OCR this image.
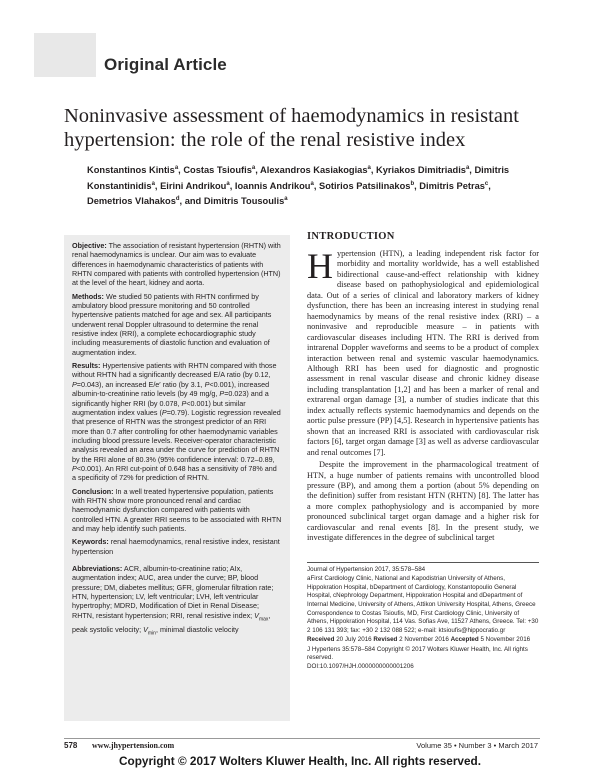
Original Article
Noninvasive assessment of haemodynamics in resistant hypertension: the role of the renal resistive index
Konstantinos Kintis$^a$, Costas Tsioufis$^a$, Alexandros Kasiakogias$^a$, Kyriakos Dimitriadis$^a$, Dimitris Konstantinidis$^a$, Eirini Andrikou$^a$, Ioannis Andrikou$^a$, Sotirios Patsilinakos$^b$, Dimitris Petras$^c$, Demetrios Vlahakos$^d$, and Dimitris Tousoulis$^a$

Objective: The association of resistant hypertension (RHTN) with renal haemodynamics is unclear. Our aim was to evaluate differences in haemodynamic characteristics of patients with RHTN compared with patients with controlled hypertension (HTN) at the level of the heart, kidney and aorta.

Methods: We studied 50 patients with RHTN confirmed by ambulatory blood pressure monitoring and 50 controlled hypertensive patients matched for age and sex. All participants underwent renal Doppler ultrasound to determine the renal resistive index (RRI), a complete echocardiographic study including measurements of diastolic function and evaluation of augmentation index.

Results: Hypertensive patients with RHTN compared with those without RHTN had a significantly decreased E/A ratio (by 0.12, P=0.043), an increased E/e′ ratio (by 3.1, P<0.001), increased albumin-to-creatinine ratio levels (by 49 mg/g, P=0.023) and a significantly higher RRI (by 0.078, P<0.001) but similar augmentation index values (P=0.79). Logistic regression revealed that presence of RHTN was the strongest predictor of an RRI more than 0.7 after controlling for other haemodynamic variables including blood pressure levels. Receiver-operator characteristic analysis revealed an area under the curve for prediction of RHTN by the RRI alone of 80.3% (95% confidence interval: 0.72–0.89, P<0.001). An RRI cut-point of 0.648 has a sensitivity of 78% and a specificity of 72% for prediction of RHTN.

Conclusion: In a well treated hypertensive population, patients with RHTN show more pronounced renal and cardiac haemodynamic dysfunction compared with patients with controlled HTN. A greater RRI seems to be associated with RHTN and may help identify such patients.

Keywords: renal haemodynamics, renal resistive index, resistant hypertension

Abbreviations: ACR, albumin-to-creatinine ratio; AIx, augmentation index; AUC, area under the curve; BP, blood pressure; DM, diabetes mellitus; GFR, glomerular filtration rate; HTN, hypertension; LV, left ventricular; LVH, left ventricular hypertrophy; MDRD, Modification of Diet in Renal Disease; RHTN, resistant hypertension; RRI, renal resistive index; $V_{max}$, peak systolic velocity; $V_{min}$, minimal diastolic velocity

INTRODUCTION

Hypertension (HTN), a leading independent risk factor for morbidity and mortality worldwide, has a well established bidirectional cause-and-effect relationship with kidney disease based on pathophysiological and epidemiological data. Out of a series of clinical and laboratory markers of kidney dysfunction, there has been an increasing interest in studying renal haemodynamics by means of the renal resistive index (RRI) – a noninvasive and reproducible measure – in patients with cardiovascular diseases including HTN. The RRI is derived from intrarenal Doppler waveforms and seems to be a product of complex interaction between renal and systemic vascular haemodynamics. Although RRI has been used for diagnostic and prognostic assessment in renal vascular disease and chronic kidney disease including transplantation [1,2] and has been a marker of renal and extrarenal organ damage [3], a number of studies indicate that this index actually reflects systemic haemodynamics and depends on the aortic pulse pressure (PP) [4,5]. Research in hypertensive patients has shown that an increased RRI is associated with cardiovascular risk factors [6], target organ damage [3] as well as adverse cardiovascular and renal outcomes [7].

Despite the improvement in the pharmacological treatment of HTN, a huge number of patients remains with uncontrolled blood pressure (BP), and among them a portion (about 5% depending on the definition) suffer from resistant HTN (RHTN) [8]. The latter has a more complex pathophysiology and is accompanied by more pronounced subclinical target organ damage and a higher risk for cardiovascular and renal events [8]. In the present study, we investigate differences in the degree of subclinical target

Journal of Hypertension 2017, 35:578–584

aFirst Cardiology Clinic, National and Kapodistrian University of Athens, Hippokration Hospital, bDepartment of Cardiology, Konstantopoulio General Hospital, cNephrology Department, Hippokration Hospital and dDepartment of Internal Medicine, University of Athens, Attikon University Hospital, Athens, Greece

Correspondence to Costas Tsioufis, MD, First Cardiology Clinic, University of Athens, Hippokration Hospital, 114 Vas. Sofias Ave, 11527 Athens, Greece. Tel: +30 2 106 131 393; fax: +30 2 132 088 522; e-mail: ktsioufis@hippocratio.gr

Received 20 July 2016 Revised 2 November 2016 Accepted 5 November 2016

J Hypertens 35:578–584 Copyright © 2017 Wolters Kluwer Health, Inc. All rights reserved.

DOI:10.1097/HJH.0000000000001206

578 www.jhypertension.com	Volume 35 • Number 3 • March 2017
Copyright © 2017 Wolters Kluwer Health, Inc. All rights reserved.
